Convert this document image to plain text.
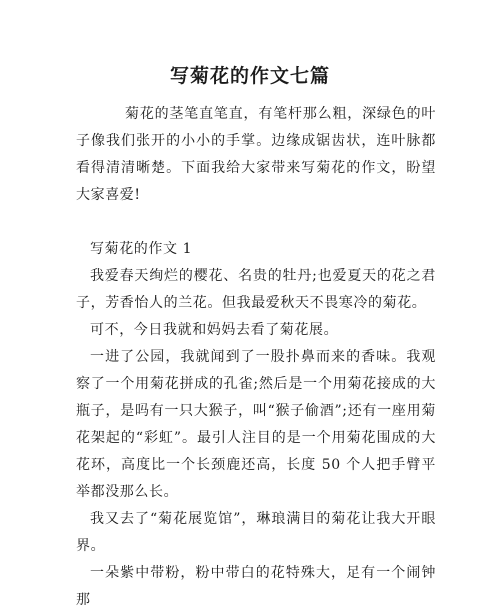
写菊花的作文七篇

菊花的茎笔直笔直，有笔杆那么粗，深绿色的叶子像我们张开的小小的手掌。边缘成锯齿状，连叶脉都看得清清晰楚。下面我给大家带来写菊花的作文，盼望大家喜爱!

写菊花的作文 1

我爱春天绚烂的樱花、名贵的牡丹;也爱夏天的花之君子，芳香怡人的兰花。但我最爱秋天不畏寒冷的菊花。

可不，今日我就和妈妈去看了菊花展。

一进了公园，我就闻到了一股扑鼻而来的香味。我观察了一个用菊花拼成的孔雀;然后是一个用菊花接成的大瓶子，是吗有一只大猴子，叫“猴子偷酒”;还有一座用菊花架起的“彩虹”。最引人注目的是一个用菊花围成的大花环，高度比一个长颈鹿还高，长度 50 个人把手臂平举都没那么长。

我又去了“菊花展览馆”，琳琅满目的菊花让我大开眼界。

一朵紫中带粉，粉中带白的花特殊大，足有一个闹钟那
